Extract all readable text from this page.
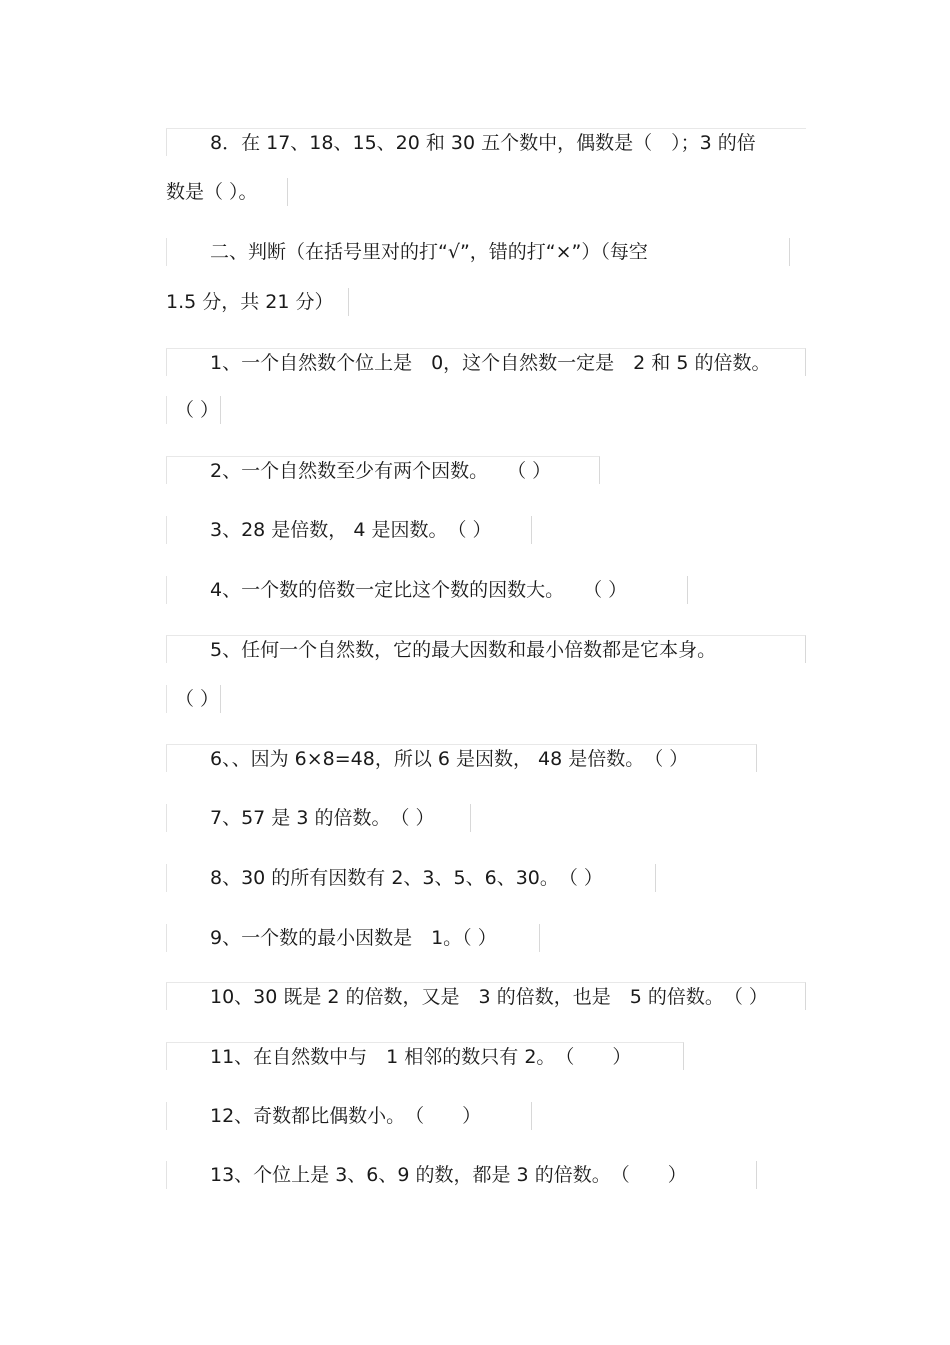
8．在 17、18、15、20 和 30 五个数中，偶数是（　）；3 的倍
数是（ ）。
二、判断（在括号里对的打“√”，错的打“×”）（每空
1.5 分，共 21 分）
1、一个自然数个位上是　0，这个自然数一定是　2 和 5 的倍数。
（ ）
2、一个自然数至少有两个因数。　　（ ）
3、28 是倍数， 4 是因数。　（ ）
4、一个数的倍数一定比这个数的因数大。　　（ ）
5、任何一个自然数，它的最大因数和最小倍数都是它本身。
（ ）
6、、因为 6×8=48，所以 6 是因数， 48 是倍数。　（ ）
7、57 是 3 的倍数。　（ ）
8、30 的所有因数有 2、3、5、6、30。　（ ）
9、一个数的最小因数是　1。（ ）
10、30 既是 2 的倍数，又是　3 的倍数，也是　5 的倍数。　（ ）
11、在自然数中与　1 相邻的数只有 2。　（　　）
12、奇数都比偶数小。　（　　）
13、个位上是 3、6、9 的数，都是 3 的倍数。　（　　）
